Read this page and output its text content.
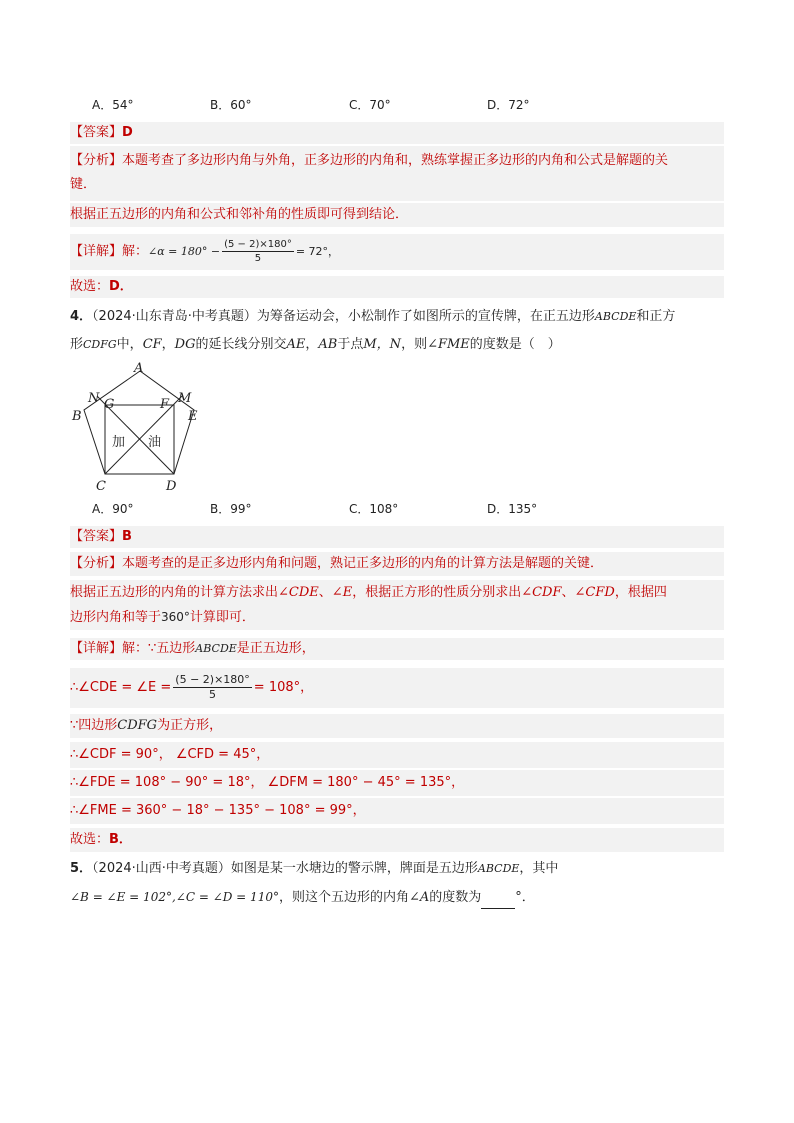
A．54°	B．60°	C．70°	D．72°
【答案】D
【分析】本题考查了多边形内角与外角，正多边形的内角和，熟练掌握正多边形的内角和公式是解题的关
键．
根据正五边形的内角和公式和邻补角的性质即可得到结论．
【详解】解：∠α = $180^\circ - \frac{(5 - 2)\times 180^\circ}{5} = 72^\circ$，
故选：D．
4．（2024·山东青岛·中考真题）为筹备运动会，小松制作了如图所示的宣传牌，在正五边形ABCDE和正方
形CDFG中，CF，DG的延长线分别交AE，AB于点M，N，则∠FME的度数是（　）
A
B
C	D
E
N G	F M
加 油
A．90°	B．99°	C．108°	D．135°
【答案】B
【分析】本题考查的是正多边形内角和问题，熟记正多边形的内角的计算方法是解题的关键．
根据正五边形的内角的计算方法求出∠CDE、∠E，根据正方形的性质分别求出∠CDF、∠CFD，根据四
边形内角和等于360°计算即可．
【详解】解：∵五边形ABCDE是正五边形，
∴∠CDE = ∠E = $\frac{(5 - 2)\times 180^\circ}{5} = 108^\circ$，
∵四边形CDFG为正方形，
∴∠CDF = 90°， ∠CFD = 45°，
∴∠FDE = 108° − 90° = 18°， ∠DFM = 180° − 45° = 135°，
∴∠FME = 360° − 18° − 135° − 108° = 99°，
故选：B．
5．（2024·山西·中考真题）如图是某一水塘边的警示牌，牌面是五边形ABCDE，其中
∠B = ∠E = 102°,∠C = ∠D = 110°，则这个五边形的内角∠A的度数为	°．
